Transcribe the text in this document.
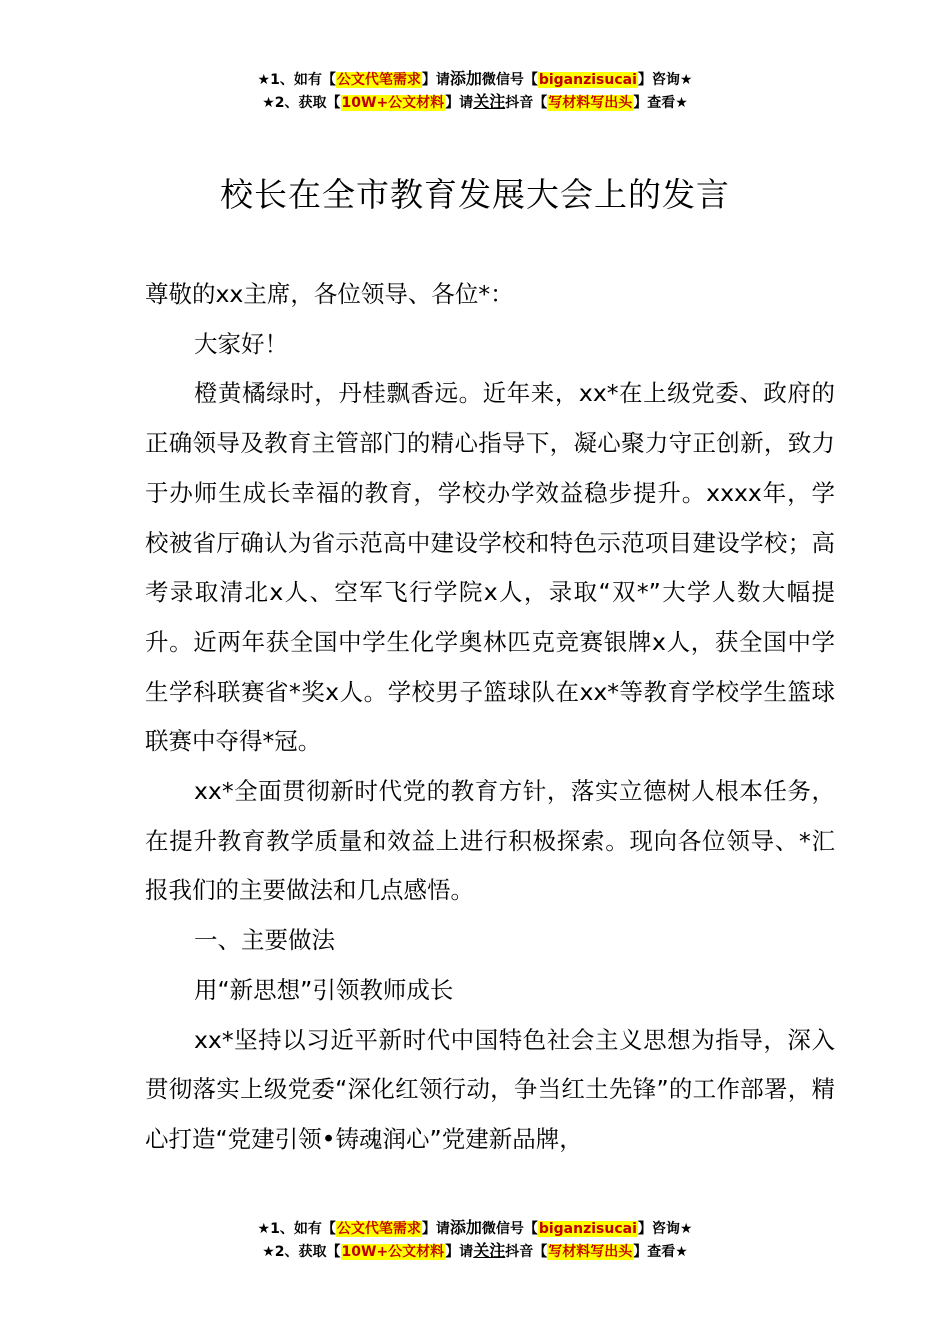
★1、如有【公文代笔需求】请添加微信号【biganzisucai】咨询★
★2、获取【10W+公文材料】请关注抖音【写材料写出头】查看★
校长在全市教育发展大会上的发言

尊敬的xx主席，各位领导、各位*：

大家好！

橙黄橘绿时，丹桂飘香远。近年来，xx*在上级党委、政府的正确领导及教育主管部门的精心指导下，凝心聚力守正创新，致力于办师生成长幸福的教育，学校办学效益稳步提升。xxxx年，学校被省厅确认为省示范高中建设学校和特色示范项目建设学校；高考录取清北x人、空军飞行学院x人，录取“双*”大学人数大幅提升。近两年获全国中学生化学奥林匹克竞赛银牌x人，获全国中学生学科联赛省*奖x人。学校男子篮球队在xx*等教育学校学生篮球联赛中夺得*冠。

xx*全面贯彻新时代党的教育方针，落实立德树人根本任务，在提升教育教学质量和效益上进行积极探索。现向各位领导、*汇报我们的主要做法和几点感悟。

一、主要做法

用“新思想”引领教师成长

xx*坚持以习近平新时代中国特色社会主义思想为指导，深入贯彻落实上级党委“深化红领行动，争当红土先锋”的工作部署，精心打造“党建引领•铸魂润心”党建新品牌，

★1、如有【公文代笔需求】请添加微信号【biganzisucai】咨询★
★2、获取【10W+公文材料】请关注抖音【写材料写出头】查看★
